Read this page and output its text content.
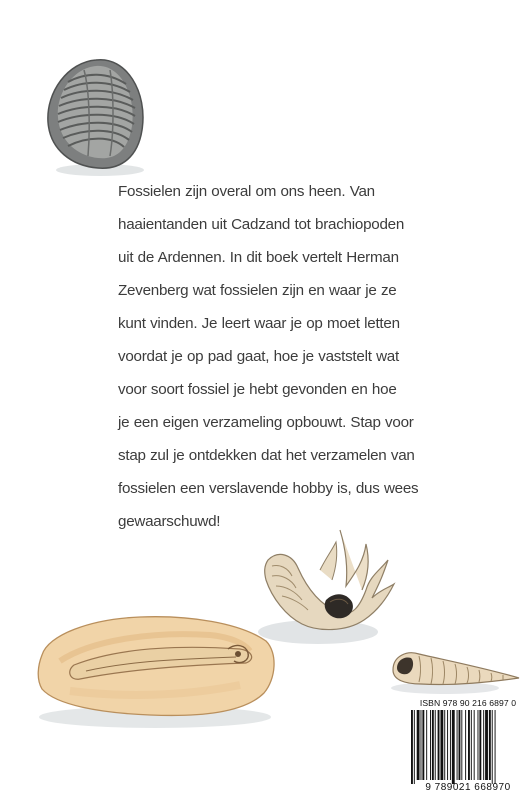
Fossielen zijn overal om ons heen. Van
haaientanden uit Cadzand tot brachiopoden
uit de Ardennen. In dit boek vertelt Herman
Zevenberg wat fossielen zijn en waar je ze
kunt vinden. Je leert waar je op moet letten
voordat je op pad gaat, hoe je vaststelt wat
voor soort fossiel je hebt gevonden en hoe
je een eigen verzameling opbouwt. Stap voor
stap zul je ontdekken dat het verzamelen van
fossielen een verslavende hobby is, dus wees
gewaarschuwd!
ISBN 978 90 216 6897 0
9 789021 668970
